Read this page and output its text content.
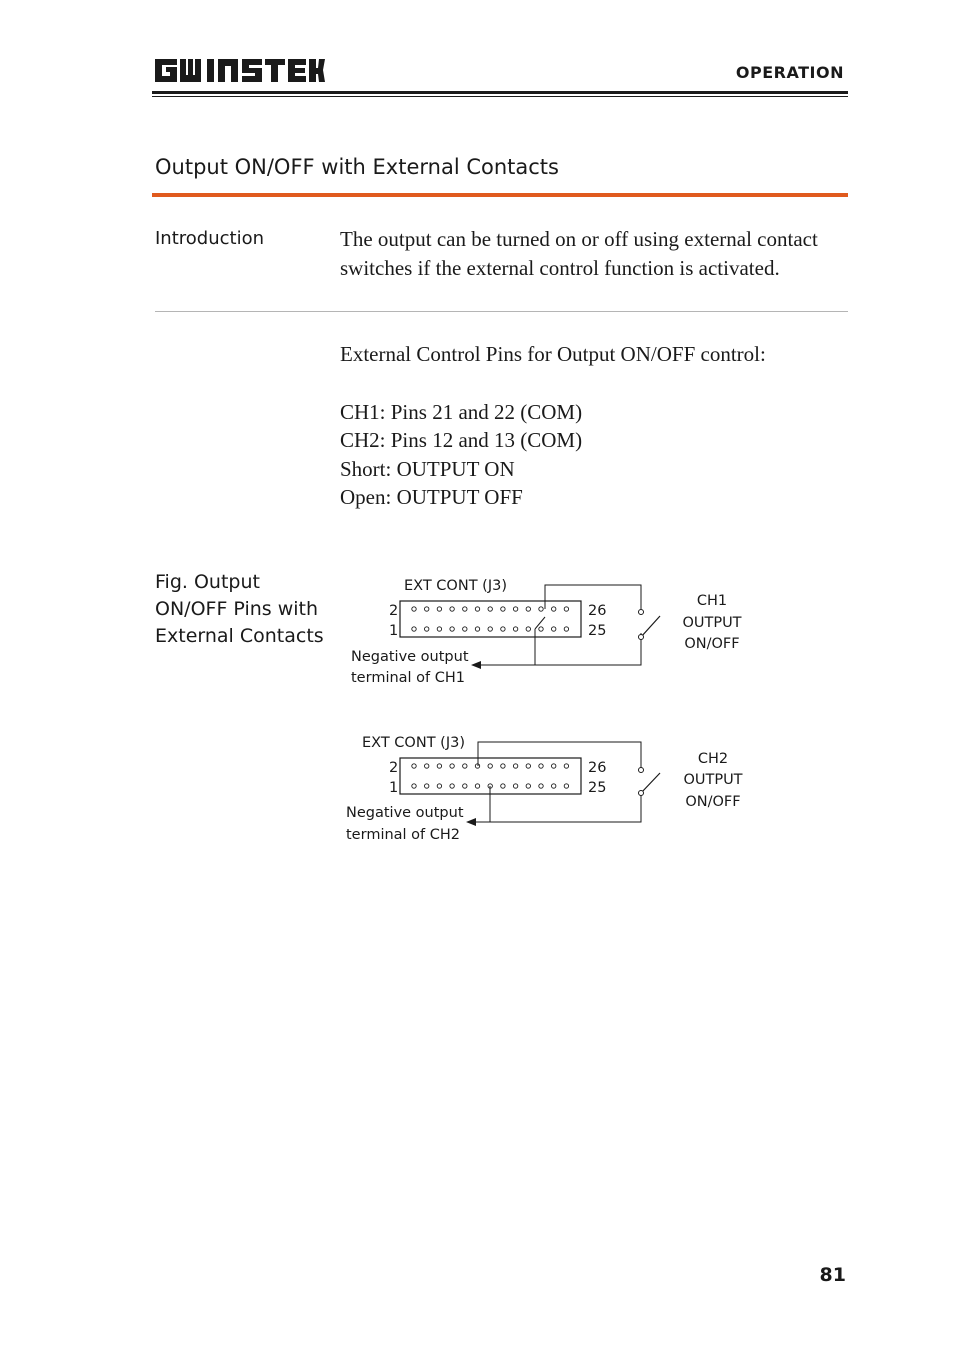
OPERATION
Output ON/OFF with External Contacts
Introduction	The output can be turned on or off using external contact switches if the external control function is activated.

External Control Pins for Output ON/OFF control:

CH1: Pins 21 and 22 (COM)

CH2: Pins 12 and 13 (COM)

Short: OUTPUT ON

Open: OUTPUT OFF

Fig. Output
ON/OFF Pins with
External Contacts
EXT CONT (J3)
2
1
26
25
CH1
OUTPUT
ON/OFF
Negative output
terminal of CH1
EXT CONT (J3)
2
1
26
25
CH2
OUTPUT
ON/OFF
Negative output
terminal of CH2
81
